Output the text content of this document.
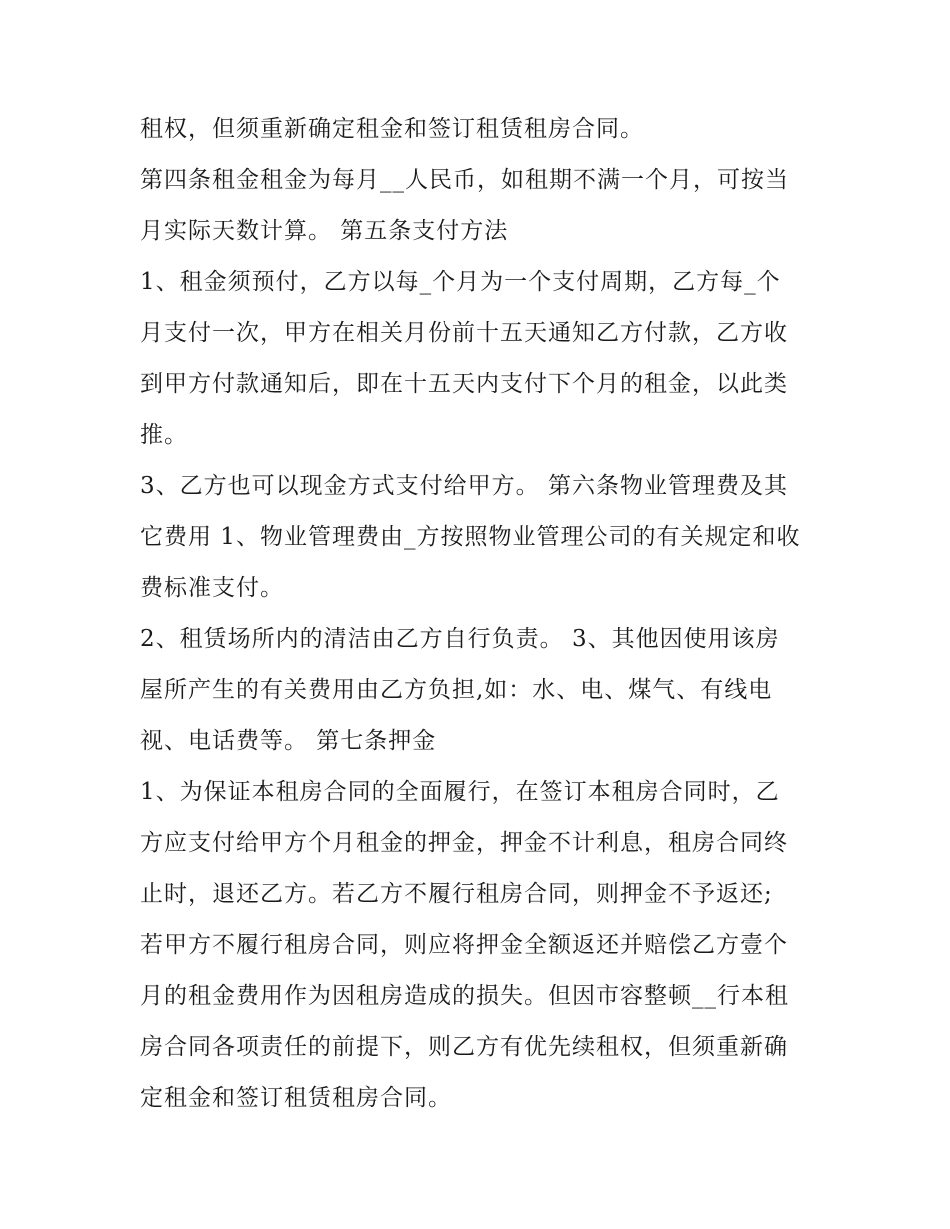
租权，但须重新确定租金和签订租赁租房合同。
第四条租金租金为每月__人民币，如租期不满一个月，可按当
月实际天数计算。 第五条支付方法
1、租金须预付，乙方以每_个月为一个支付周期，乙方每_个
月支付一次，甲方在相关月份前十五天通知乙方付款，乙方收
到甲方付款通知后，即在十五天内支付下个月的租金，以此类
推。
3、乙方也可以现金方式支付给甲方。 第六条物业管理费及其
它费用 1、物业管理费由_方按照物业管理公司的有关规定和收
费标准支付。
2、租赁场所内的清洁由乙方自行负责。 3、其他因使用该房
屋所产生的有关费用由乙方负担,如：水、电、煤气、有线电
视、电话费等。 第七条押金
1、为保证本租房合同的全面履行，在签订本租房合同时，乙
方应支付给甲方个月租金的押金，押金不计利息，租房合同终
止时，退还乙方。若乙方不履行租房合同，则押金不予返还;
若甲方不履行租房合同，则应将押金全额返还并赔偿乙方壹个
月的租金费用作为因租房造成的损失。但因市容整顿__行本租
房合同各项责任的前提下，则乙方有优先续租权，但须重新确
定租金和签订租赁租房合同。
